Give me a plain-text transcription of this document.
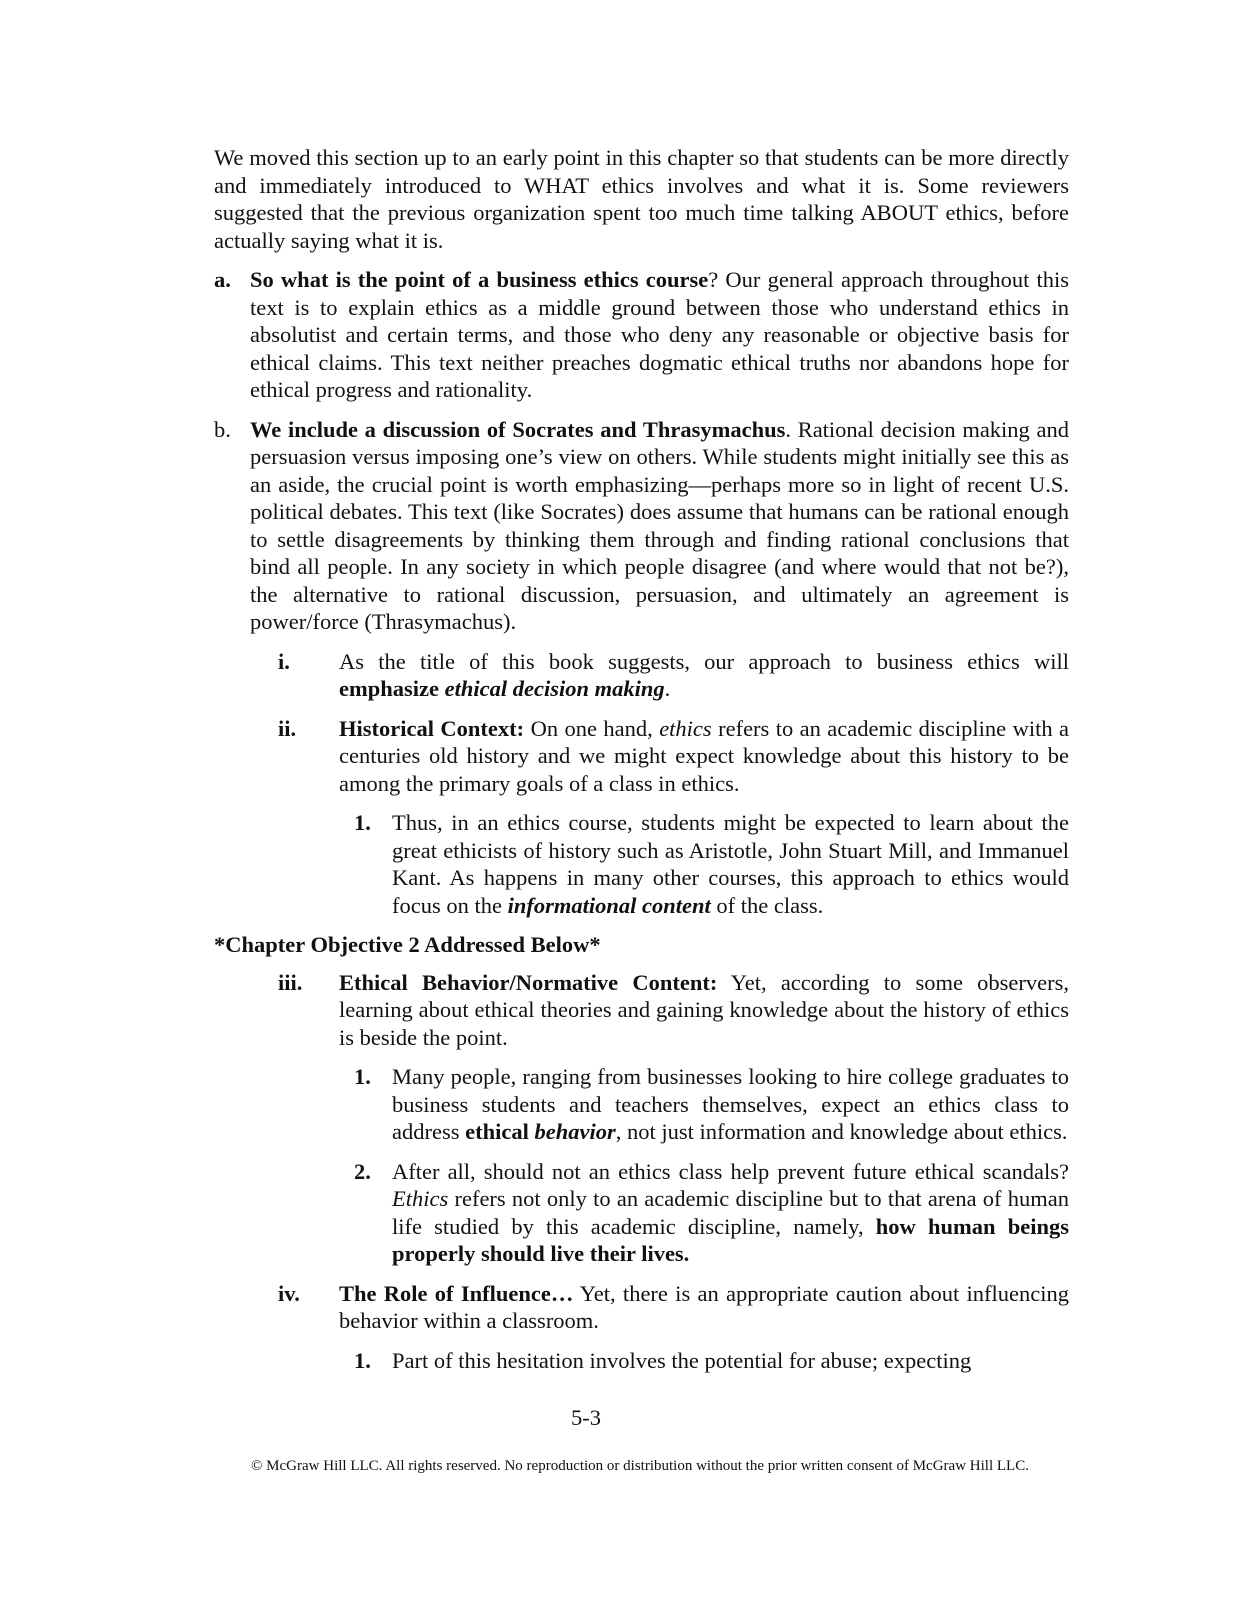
We moved this section up to an early point in this chapter so that students can be more directly and immediately introduced to WHAT ethics involves and what it is. Some reviewers suggested that the previous organization spent too much time talking ABOUT ethics, before actually saying what it is.

a. So what is the point of a business ethics course? Our general approach throughout this text is to explain ethics as a middle ground between those who understand ethics in absolutist and certain terms, and those who deny any reasonable or objective basis for ethical claims. This text neither preaches dogmatic ethical truths nor abandons hope for ethical progress and rationality.
b. We include a discussion of Socrates and Thrasymachus. Rational decision making and persuasion versus imposing one’s view on others. While students might initially see this as an aside, the crucial point is worth emphasizing—perhaps more so in light of recent U.S. political debates. This text (like Socrates) does assume that humans can be rational enough to settle disagreements by thinking them through and finding rational conclusions that bind all people. In any society in which people disagree (and where would that not be?), the alternative to rational discussion, persuasion, and ultimately an agreement is power/force (Thrasymachus).
i.	As the title of this book suggests, our approach to business ethics will emphasize ethical decision making.
ii.	Historical Context: On one hand, ethics refers to an academic discipline with a centuries old history and we might expect knowledge about this history to be among the primary goals of a class in ethics.
1. Thus, in an ethics course, students might be expected to learn about the great ethicists of history such as Aristotle, John Stuart Mill, and Immanuel Kant. As happens in many other courses, this approach to ethics would focus on the informational content of the class.
*Chapter Objective 2 Addressed Below*
iii.	Ethical Behavior/Normative Content: Yet, according to some observers, learning about ethical theories and gaining knowledge about the history of ethics is beside the point.
1. Many people, ranging from businesses looking to hire college graduates to business students and teachers themselves, expect an ethics class to address ethical behavior, not just information and knowledge about ethics.
2. After all, should not an ethics class help prevent future ethical scandals? Ethics refers not only to an academic discipline but to that arena of human life studied by this academic discipline, namely, how human beings properly should live their lives.
iv.	The Role of Influence… Yet, there is an appropriate caution about influencing behavior within a classroom.
1. Part of this hesitation involves the potential for abuse; expecting
5-3
© McGraw Hill LLC. All rights reserved. No reproduction or distribution without the prior written consent of McGraw Hill LLC.
